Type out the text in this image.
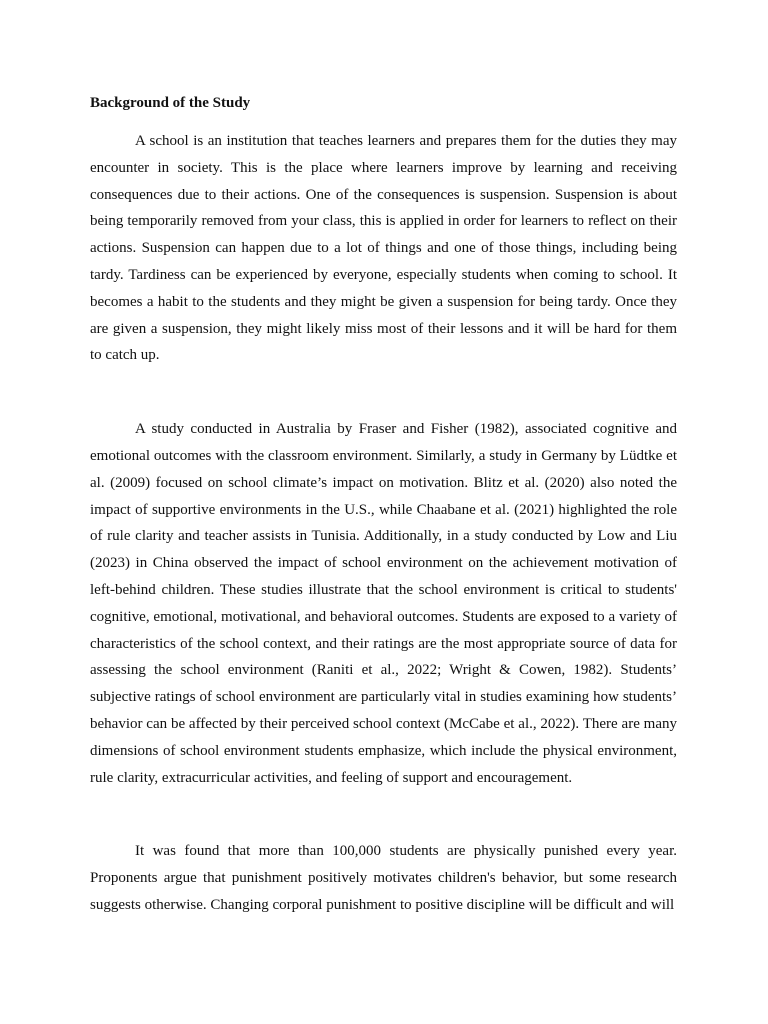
Background of the Study

A school is an institution that teaches learners and prepares them for the duties they may encounter in society. This is the place where learners improve by learning and receiving consequences due to their actions. One of the consequences is suspension. Suspension is about being temporarily removed from your class, this is applied in order for learners to reflect on their actions. Suspension can happen due to a lot of things and one of those things, including being tardy. Tardiness can be experienced by everyone, especially students when coming to school. It becomes a habit to the students and they might be given a suspension for being tardy. Once they are given a suspension, they might likely miss most of their lessons and it will be hard for them to catch up.

A study conducted in Australia by Fraser and Fisher (1982), associated cognitive and emotional outcomes with the classroom environment. Similarly, a study in Germany by Lüdtke et al. (2009) focused on school climate’s impact on motivation. Blitz et al. (2020) also noted the impact of supportive environments in the U.S., while Chaabane et al. (2021) highlighted the role of rule clarity and teacher assists in Tunisia. Additionally, in a study conducted by Low and Liu (2023) in China observed the impact of school environment on the achievement motivation of left-behind children. These studies illustrate that the school environment is critical to students' cognitive, emotional, motivational, and behavioral outcomes. Students are exposed to a variety of characteristics of the school context, and their ratings are the most appropriate source of data for assessing the school environment (Raniti et al., 2022; Wright & Cowen, 1982). Students’ subjective ratings of school environment are particularly vital in studies examining how students’ behavior can be affected by their perceived school context (McCabe et al., 2022). There are many dimensions of school environment students emphasize, which include the physical environment, rule clarity, extracurricular activities, and feeling of support and encouragement.

It was found that more than 100,000 students are physically punished every year. Proponents argue that punishment positively motivates children's behavior, but some research suggests otherwise. Changing corporal punishment to positive discipline will be difficult and will
